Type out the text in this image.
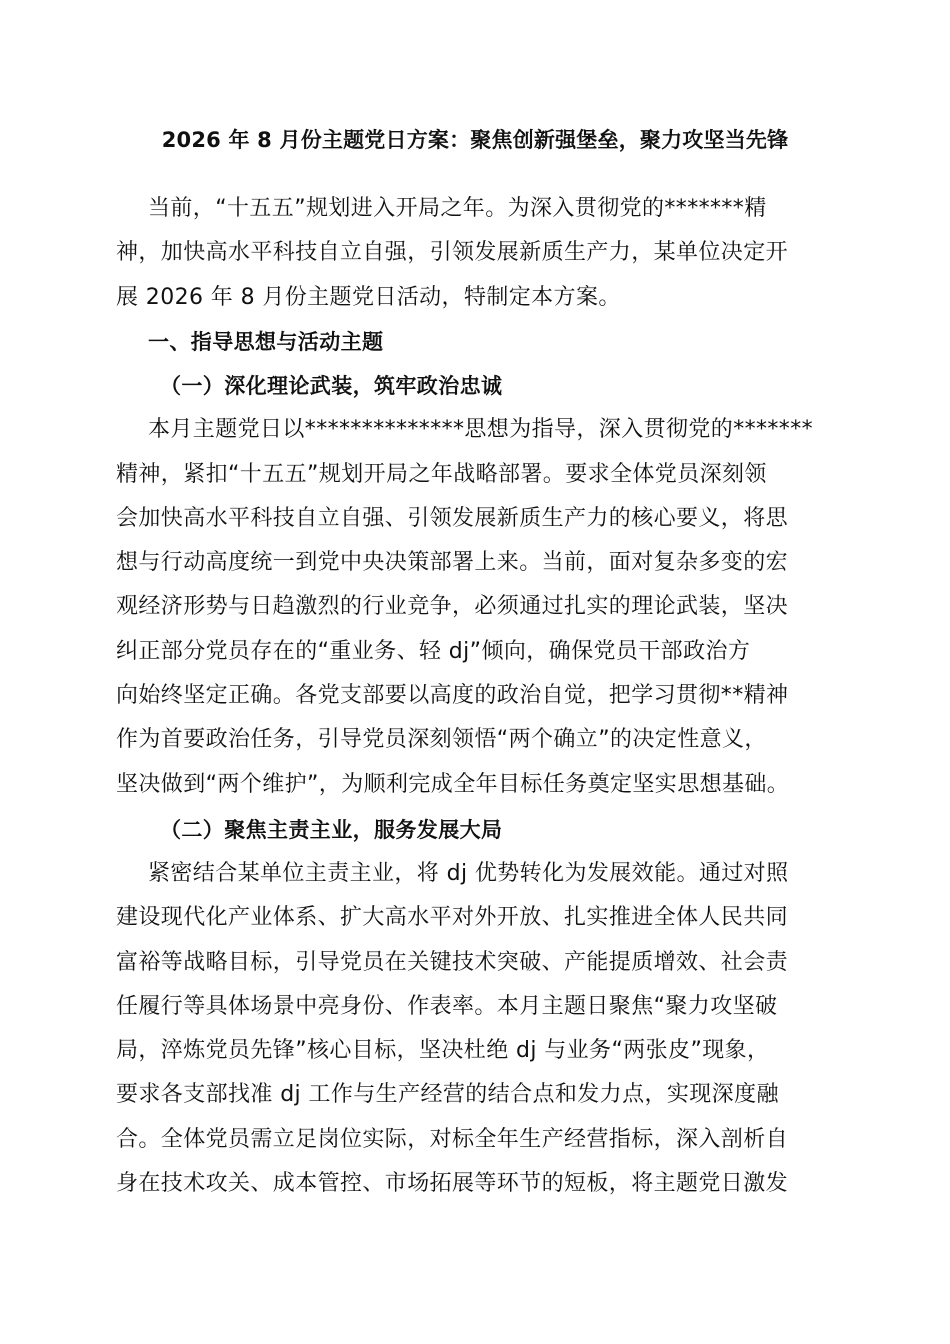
2026 年 8 月份主题党日方案：聚焦创新强堡垒，聚力攻坚当先锋
当前，“十五五”规划进入开局之年。为深入贯彻党的*******精
神，加快高水平科技自立自强，引领发展新质生产力，某单位决定开
展 2026 年 8 月份主题党日活动，特制定本方案。
一、指导思想与活动主题
（一）深化理论武装，筑牢政治忠诚
本月主题党日以**************思想为指导，深入贯彻党的*******
精神，紧扣“十五五”规划开局之年战略部署。要求全体党员深刻领
会加快高水平科技自立自强、引领发展新质生产力的核心要义，将思
想与行动高度统一到党中央决策部署上来。当前，面对复杂多变的宏
观经济形势与日趋激烈的行业竞争，必须通过扎实的理论武装，坚决
纠正部分党员存在的“重业务、轻 dj”倾向，确保党员干部政治方
向始终坚定正确。各党支部要以高度的政治自觉，把学习贯彻**精神
作为首要政治任务，引导党员深刻领悟“两个确立”的决定性意义，
坚决做到“两个维护”，为顺利完成全年目标任务奠定坚实思想基础。
（二）聚焦主责主业，服务发展大局
紧密结合某单位主责主业，将 dj 优势转化为发展效能。通过对照
建设现代化产业体系、扩大高水平对外开放、扎实推进全体人民共同
富裕等战略目标，引导党员在关键技术突破、产能提质增效、社会责
任履行等具体场景中亮身份、作表率。本月主题日聚焦“聚力攻坚破
局，淬炼党员先锋”核心目标，坚决杜绝 dj 与业务“两张皮”现象，
要求各支部找准 dj 工作与生产经营的结合点和发力点，实现深度融
合。全体党员需立足岗位实际，对标全年生产经营指标，深入剖析自
身在技术攻关、成本管控、市场拓展等环节的短板，将主题党日激发
